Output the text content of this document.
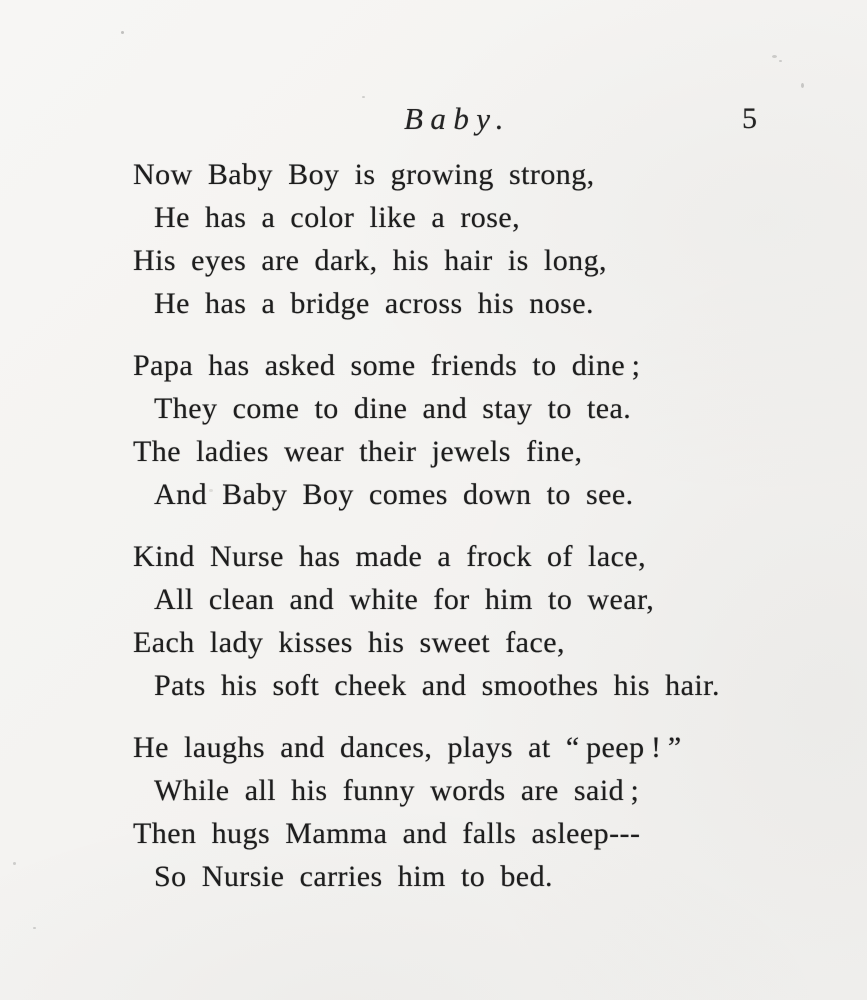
Baby.	5
Now Baby Boy is growing strong,
He has a color like a rose,
His eyes are dark, his hair is long,
He has a bridge across his nose.
Papa has asked some friends to dine ;
They come to dine and stay to tea.
The ladies wear their jewels fine,
And Baby Boy comes down to see.
Kind Nurse has made a frock of lace,
All clean and white for him to wear,
Each lady kisses his sweet face,
Pats his soft cheek and smoothes his hair.
He laughs and dances, plays at “ peep ! ”
While all his funny words are said ;
Then hugs Mamma and falls asleep---
So Nursie carries him to bed.
